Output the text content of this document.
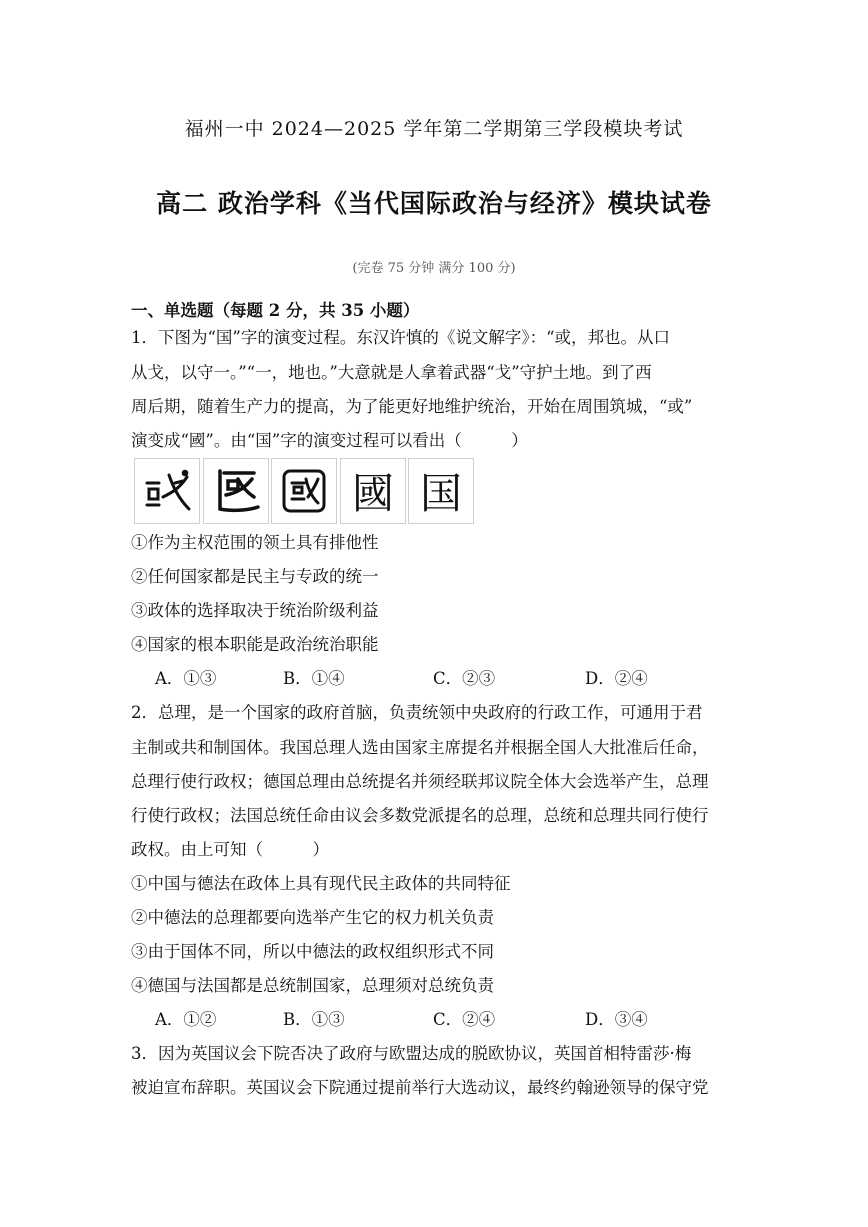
福州一中 2024—2025 学年第二学期第三学段模块考试
高二 政治学科《当代国际政治与经济》模块试卷
(完卷 75 分钟 满分 100 分)
一、单选题（每题 2 分，共 35 小题）
1．下图为“国”字的演变过程。东汉许慎的《说文解字》：“或，邦也。从口
从戈，以守一。”“一，地也。”大意就是人拿着武器“戈”守护土地。到了西
周后期，随着生产力的提高，为了能更好地维护统治，开始在周围筑城，“或”
演变成“國”。由“国”字的演变过程可以看出（　　　）
國 国
①作为主权范围的领土具有排他性
②任何国家都是民主与专政的统一
③政体的选择取决于统治阶级利益
④国家的根本职能是政治统治职能
A．①③	B．①④	C．②③	D．②④
2．总理，是一个国家的政府首脑，负责统领中央政府的行政工作，可通用于君
主制或共和制国体。我国总理人选由国家主席提名并根据全国人大批准后任命，
总理行使行政权；德国总理由总统提名并须经联邦议院全体大会选举产生，总理
行使行政权；法国总统任命由议会多数党派提名的总理，总统和总理共同行使行
政权。由上可知（　　　）
①中国与德法在政体上具有现代民主政体的共同特征
②中德法的总理都要向选举产生它的权力机关负责
③由于国体不同，所以中德法的政权组织形式不同
④德国与法国都是总统制国家，总理须对总统负责
A．①②	B．①③	C．②④	D．③④
3．因为英国议会下院否决了政府与欧盟达成的脱欧协议，英国首相特雷莎·梅
被迫宣布辞职。英国议会下院通过提前举行大选动议，最终约翰逊领导的保守党
